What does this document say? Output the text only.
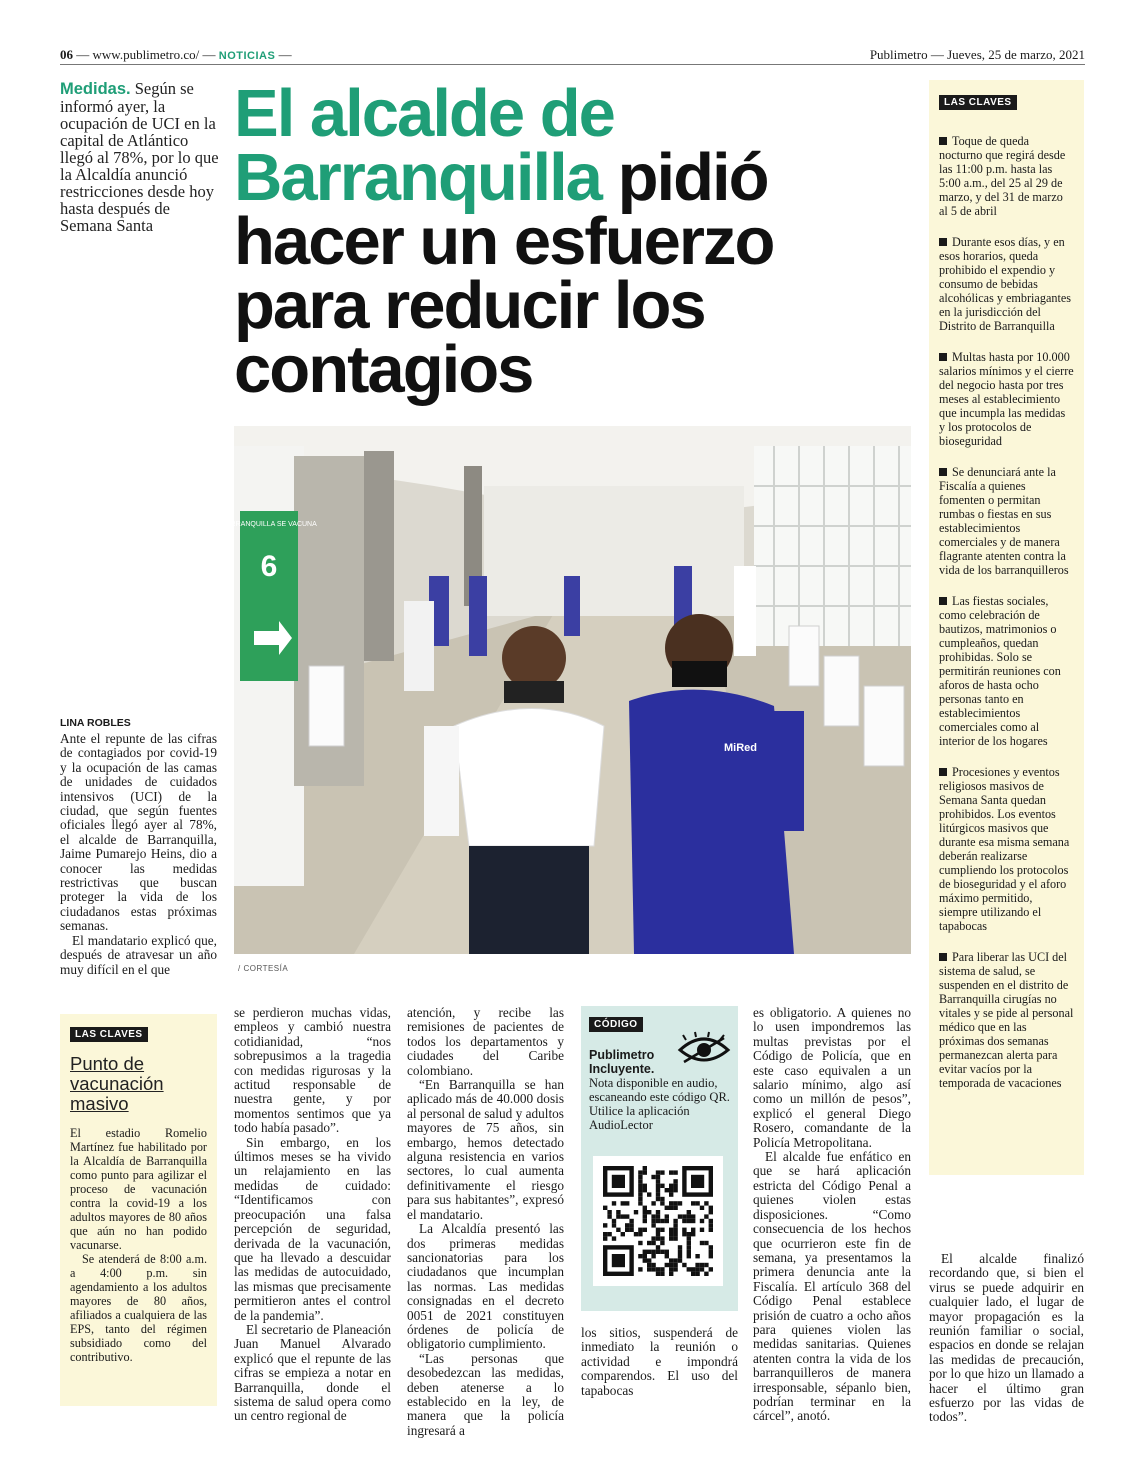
06 — www.publimetro.co/ — NOTICIAS —	Publimetro — Jueves, 25 de marzo, 2021
Medidas. Según se informó ayer, la ocupación de UCI en la capital de Atlántico llegó al 78%, por lo que la Alcaldía anunció restricciones desde hoy hasta después de Semana Santa
El alcalde de Barranquilla pidió hacer un esfuerzo para reducir los contagios
BARRANQUILLA SE VACUNA
6
MiRed
/ CORTESÍA
LINA ROBLES

Ante el repunte de las cifras de contagiados por covid-19 y la ocupación de las camas de unidades de cuidados intensivos (UCI) de la ciudad, que según fuentes oficiales llegó ayer al 78%, el alcalde de Barranquilla, Jaime Pumarejo Heins, dio a conocer las medidas restrictivas que buscan proteger la vida de los ciudadanos estas próximas semanas.

El mandatario explicó que, después de atravesar un año muy difícil en el que

se perdieron muchas vidas, empleos y cambió nuestra cotidianidad, “nos sobrepusimos a la tragedia con medidas rigurosas y la actitud responsable de nuestra gente, y por momentos sentimos que ya todo había pasado”.

Sin embargo, en los últimos meses se ha vivido un relajamiento en las medidas de cuidado: “Identificamos con preocupación una falsa percepción de seguridad, derivada de la vacunación, que ha llevado a descuidar las medidas de autocuidado, las mismas que precisamente permitieron antes el control de la pandemia”.

El secretario de Planeación Juan Manuel Alvarado explicó que el repunte de las cifras se empieza a notar en Barranquilla, donde el sistema de salud opera como un centro regional de

atención, y recibe las remisiones de pacientes de todos los departamentos y ciudades del Caribe colombiano.

“En Barranquilla se han aplicado más de 40.000 dosis al personal de salud y adultos mayores de 75 años, sin embargo, hemos detectado alguna resistencia en varios sectores, lo cual aumenta definitivamente el riesgo para sus habitantes”, expresó el mandatario.

La Alcaldía presentó las dos primeras medidas sancionatorias para los ciudadanos que incumplan las normas. Las medidas consignadas en el decreto 0051 de 2021 constituyen órdenes de policía de obligatorio cumplimiento.

“Las personas que desobedezcan las medidas, deben atenerse a lo establecido en la ley, de manera que la policía ingresará a

CÓDIGO
Publimetro Incluyente.
Nota disponible en audio, escaneando este código QR. Utilice la aplicación AudioLector

los sitios, suspenderá de inmediato la reunión o actividad e impondrá comparendos. El uso del tapabocas

es obligatorio. A quienes no lo usen impondremos las multas previstas por el Código de Policía, que en este caso equivalen a un salario mínimo, algo así como un millón de pesos”, explicó el general Diego Rosero, comandante de la Policía Metropolitana.

El alcalde fue enfático en que se hará aplicación estricta del Código Penal a quienes violen estas disposiciones. “Como consecuencia de los hechos que ocurrieron este fin de semana, ya presentamos la primera denuncia ante la Fiscalía. El artículo 368 del Código Penal establece prisión de cuatro a ocho años para quienes violen las medidas sanitarias. Quienes atenten contra la vida de los barranquilleros de manera irresponsable, sépanlo bien, podrían terminar en la cárcel”, anotó.

El alcalde finalizó recordando que, si bien el virus se puede adquirir en cualquier lado, el lugar de mayor propagación es la reunión familiar o social, espacios en donde se relajan las medidas de precaución, por lo que hizo un llamado a hacer el último gran esfuerzo por las vidas de todos”.

LAS CLAVES
Toque de queda nocturno que regirá desde las 11:00 p.m. hasta las 5:00 a.m., del 25 al 29 de marzo, y del 31 de marzo al 5 de abril
Durante esos días, y en esos horarios, queda prohibido el expendio y consumo de bebidas alcohólicas y embriagantes en la jurisdicción del Distrito de Barranquilla
Multas hasta por 10.000 salarios mínimos y el cierre del negocio hasta por tres meses al establecimiento que incumpla las medidas y los protocolos de bioseguridad
Se denunciará ante la Fiscalía a quienes fomenten o permitan rumbas o fiestas en sus establecimientos comerciales y de manera flagrante atenten contra la vida de los barranquilleros
Las fiestas sociales, como celebración de bautizos, matrimonios o cumpleaños, quedan prohibidas. Solo se permitirán reuniones con aforos de hasta ocho personas tanto en establecimientos comerciales como al interior de los hogares
Procesiones y eventos religiosos masivos de Semana Santa quedan prohibidos. Los eventos litúrgicos masivos que durante esa misma semana deberán realizarse cumpliendo los protocolos de bioseguridad y el aforo máximo permitido, siempre utilizando el tapabocas
Para liberar las UCI del sistema de salud, se suspenden en el distrito de Barranquilla cirugías no vitales y se pide al personal médico que en las próximas dos semanas permanezcan alerta para evitar vacíos por la temporada de vacaciones
LAS CLAVES
Punto de vacunación masivo

El estadio Romelio Martínez fue habilitado por la Alcaldía de Barranquilla como punto para agilizar el proceso de vacunación contra la covid-19 a los adultos mayores de 80 años que aún no han podido vacunarse.

Se atenderá de 8:00 a.m. a 4:00 p.m. sin agendamiento a los adultos mayores de 80 años, afiliados a cualquiera de las EPS, tanto del régimen subsidiado como del contributivo.
